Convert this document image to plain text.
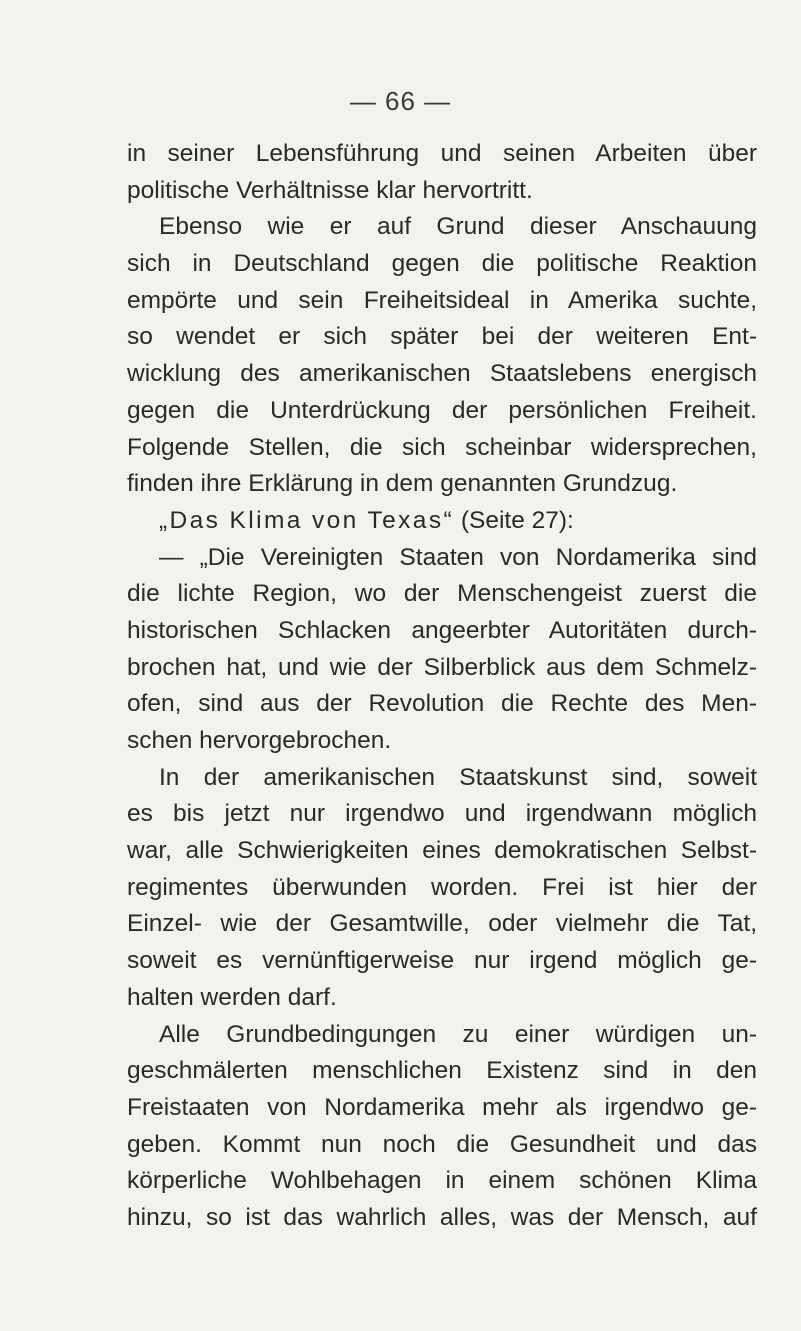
— 66 —
in seiner Lebensführung und seinen Arbeiten über
politische Verhältnisse klar hervortritt.
Ebenso wie er auf Grund dieser Anschauung
sich in Deutschland gegen die politische Reaktion
empörte und sein Freiheitsideal in Amerika suchte,
so wendet er sich später bei der weiteren Ent-
wicklung des amerikanischen Staatslebens energisch
gegen die Unterdrückung der persönlichen Freiheit.
Folgende Stellen, die sich scheinbar widersprechen,
finden ihre Erklärung in dem genannten Grundzug.
„Das Klima von Texas“ (Seite 27):
— „Die Vereinigten Staaten von Nordamerika sind
die lichte Region, wo der Menschengeist zuerst die
historischen Schlacken angeerbter Autoritäten durch-
brochen hat, und wie der Silberblick aus dem Schmelz-
ofen, sind aus der Revolution die Rechte des Men-
schen hervorgebrochen.
In der amerikanischen Staatskunst sind, soweit
es bis jetzt nur irgendwo und irgendwann möglich
war, alle Schwierigkeiten eines demokratischen Selbst-
regimentes überwunden worden. Frei ist hier der
Einzel- wie der Gesamtwille, oder vielmehr die Tat,
soweit es vernünftigerweise nur irgend möglich ge-
halten werden darf.
Alle Grundbedingungen zu einer würdigen un-
geschmälerten menschlichen Existenz sind in den
Freistaaten von Nordamerika mehr als irgendwo ge-
geben. Kommt nun noch die Gesundheit und das
körperliche Wohlbehagen in einem schönen Klima
hinzu, so ist das wahrlich alles, was der Mensch, auf
